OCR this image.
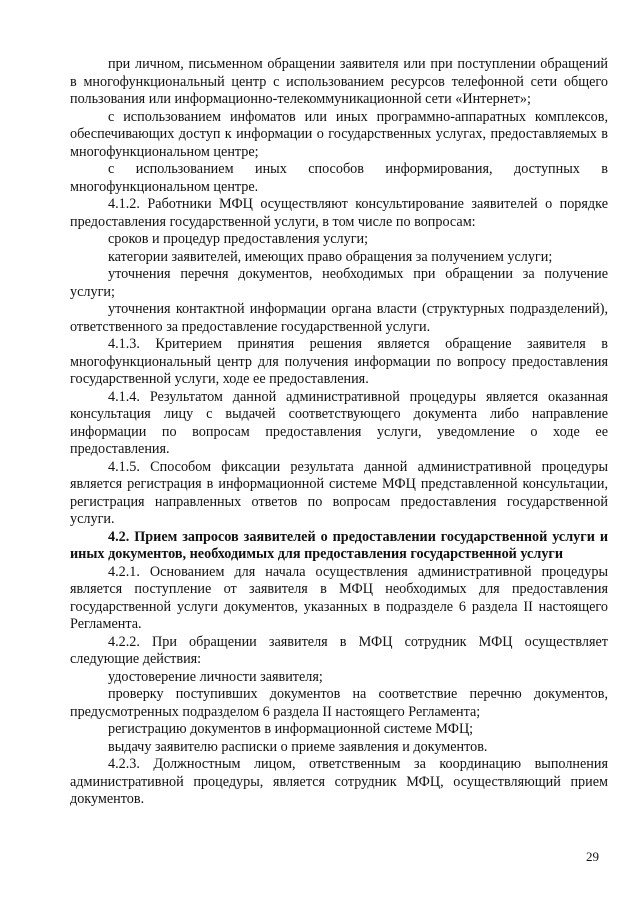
при личном, письменном обращении заявителя или при поступлении обращений в многофункциональный центр с использованием ресурсов телефонной сети общего пользования или информационно-телекоммуникационной сети «Интернет»;

с использованием инфоматов или иных программно-аппаратных комплексов, обеспечивающих доступ к информации о государственных услугах, предоставляемых в многофункциональном центре;

с использованием иных способов информирования, доступных в многофункциональном центре.

4.1.2. Работники МФЦ осуществляют консультирование заявителей о порядке предоставления государственной услуги, в том числе по вопросам:

сроков и процедур предоставления услуги;

категории заявителей, имеющих право обращения за получением услуги;

уточнения перечня документов, необходимых при обращении за получение услуги;

уточнения контактной информации органа власти (структурных подразделений), ответственного за предоставление государственной услуги.

4.1.3. Критерием принятия решения является обращение заявителя в многофункциональный центр для получения информации по вопросу предоставления государственной услуги, ходе ее предоставления.

4.1.4. Результатом данной административной процедуры является оказанная консультация лицу с выдачей соответствующего документа либо направление информации по вопросам предоставления услуги, уведомление о ходе ее предоставления.

4.1.5. Способом фиксации результата данной административной процедуры является регистрация в информационной системе МФЦ представленной консультации, регистрация направленных ответов по вопросам предоставления государственной услуги.

4.2. Прием запросов заявителей о предоставлении государственной услуги и иных документов, необходимых для предоставления государственной услуги

4.2.1. Основанием для начала осуществления административной процедуры является поступление от заявителя в МФЦ необходимых для предоставления государственной услуги документов, указанных в подразделе 6 раздела II настоящего Регламента.

4.2.2. При обращении заявителя в МФЦ сотрудник МФЦ осуществляет следующие действия:

удостоверение личности заявителя;

проверку поступивших документов на соответствие перечню документов, предусмотренных подразделом 6 раздела II настоящего Регламента;

регистрацию документов в информационной системе МФЦ;

выдачу заявителю расписки о приеме заявления и документов.

4.2.3. Должностным лицом, ответственным за координацию выполнения административной процедуры, является сотрудник МФЦ, осуществляющий прием документов.

29
